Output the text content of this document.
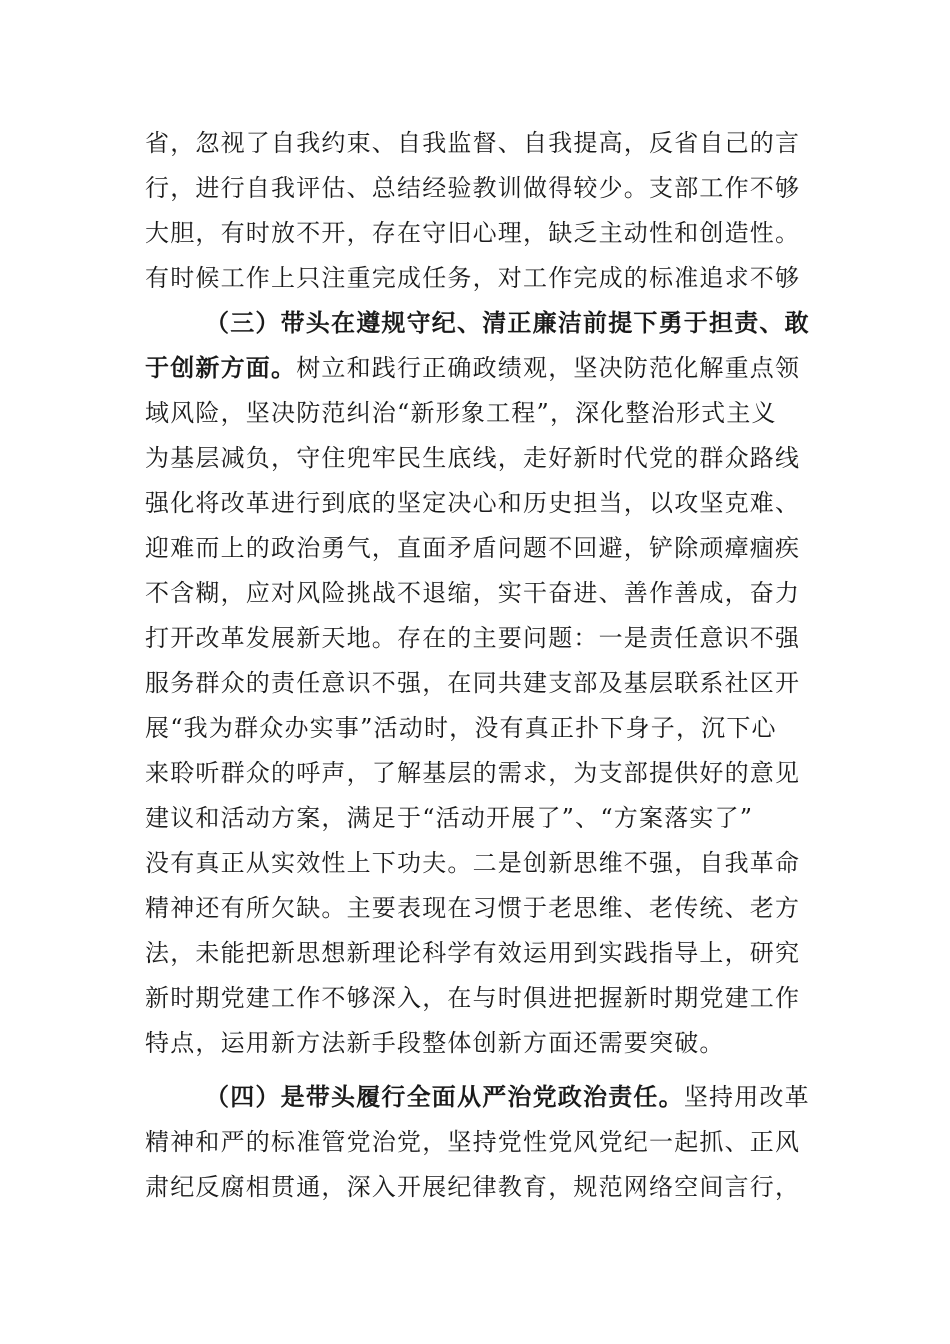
省，忽视了自我约束、自我监督、自我提高，反省自己的言
行，进行自我评估、总结经验教训做得较少。支部工作不够
大胆，有时放不开，存在守旧心理，缺乏主动性和创造性。
有时候工作上只注重完成任务，对工作完成的标准追求不够
（三）带头在遵规守纪、清正廉洁前提下勇于担责、敢
于创新方面。树立和践行正确政绩观，坚决防范化解重点领
域风险，坚决防范纠治“新形象工程”，深化整治形式主义
为基层减负，守住兜牢民生底线，走好新时代党的群众路线
强化将改革进行到底的坚定决心和历史担当，以攻坚克难、
迎难而上的政治勇气，直面矛盾问题不回避，铲除顽瘴痼疾
不含糊，应对风险挑战不退缩，实干奋进、善作善成，奋力
打开改革发展新天地。存在的主要问题：一是责任意识不强
服务群众的责任意识不强，在同共建支部及基层联系社区开
展“我为群众办实事”活动时，没有真正扑下身子，沉下心
来聆听群众的呼声，了解基层的需求，为支部提供好的意见
建议和活动方案，满足于“活动开展了”、“方案落实了”
没有真正从实效性上下功夫。二是创新思维不强，自我革命
精神还有所欠缺。主要表现在习惯于老思维、老传统、老方
法，未能把新思想新理论科学有效运用到实践指导上，研究
新时期党建工作不够深入，在与时俱进把握新时期党建工作
特点，运用新方法新手段整体创新方面还需要突破。
（四）是带头履行全面从严治党政治责任。坚持用改革
精神和严的标准管党治党，坚持党性党风党纪一起抓、正风
肃纪反腐相贯通，深入开展纪律教育，规范网络空间言行，
